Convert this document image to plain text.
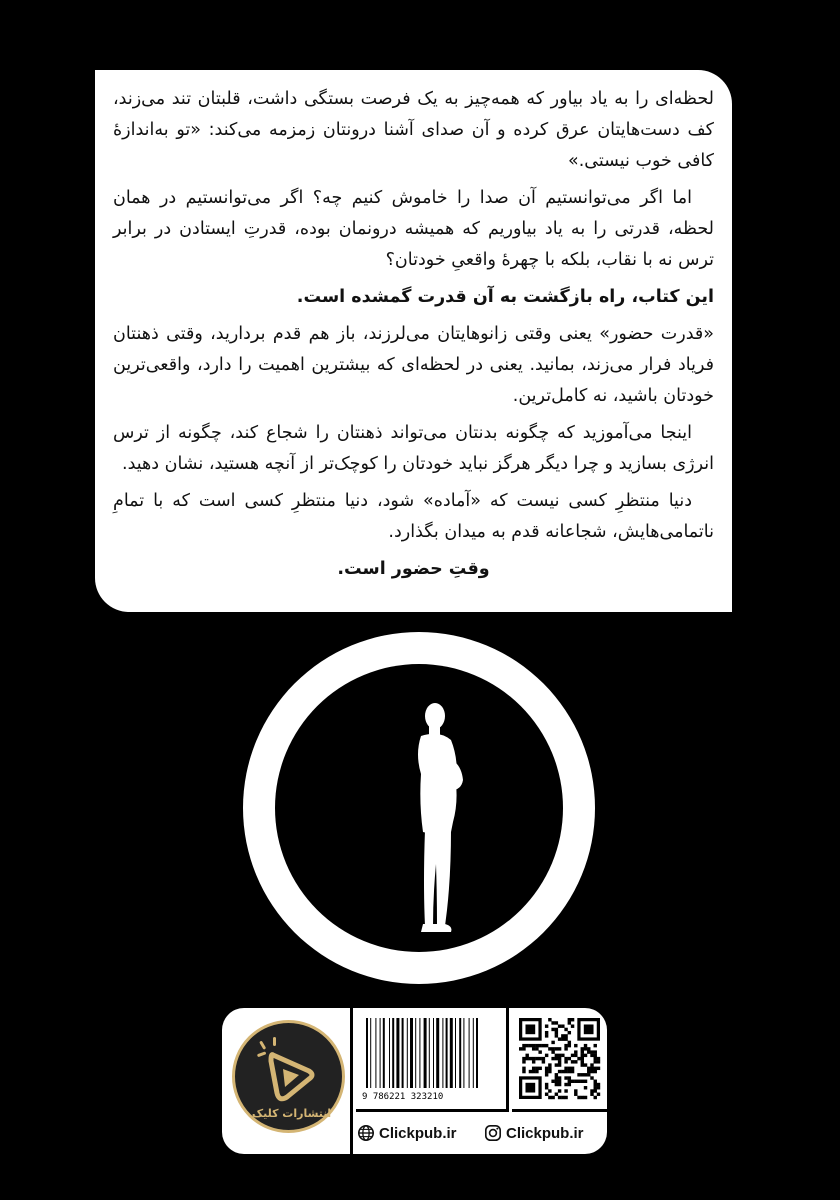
لحظه‌ای را به یاد بیاور که همه‌چیز به یک فرصت بستگی داشت، قلبتان تند می‌زند، کف دست‌هایتان عرق کرده و آن صدای آشنا درونتان زمزمه می‌کند: «تو به‌اندازهٔ کافی خوب نیستی.»

اما اگر می‌توانستیم آن صدا را خاموش کنیم چه؟ اگر می‌توانستیم در همان لحظه، قدرتی را به یاد بیاوریم که همیشه درونمان بوده، قدرتِ ایستادن در برابر ترس نه با نقاب، بلکه با چهرهٔ واقعیِ خودتان؟

این کتاب، راه بازگشت به آن قدرت گمشده است.

«قدرت حضور» یعنی وقتی زانوهایتان می‌لرزند، باز هم قدم بردارید، وقتی ذهنتان فریاد فرار می‌زند، بمانید. یعنی در لحظه‌ای که بیشترین اهمیت را دارد، واقعی‌ترین خودتان باشید، نه کامل‌ترین.

اینجا می‌آموزید که چگونه بدنتان می‌تواند ذهنتان را شجاع کند، چگونه از ترس انرژی بسازید و چرا دیگر هرگز نباید خودتان را کوچک‌تر از آنچه هستید، نشان دهید.

دنیا منتظرِ کسی نیست که «آماده» شود، دنیا منتظرِ کسی است که با تمامِ ناتمامی‌هایش، شجاعانه قدم به میدان بگذارد.

وقتِ حضور است.

انتشارات کلیک
9 786221 323210
Clickpub.ir	Clickpub.ir
